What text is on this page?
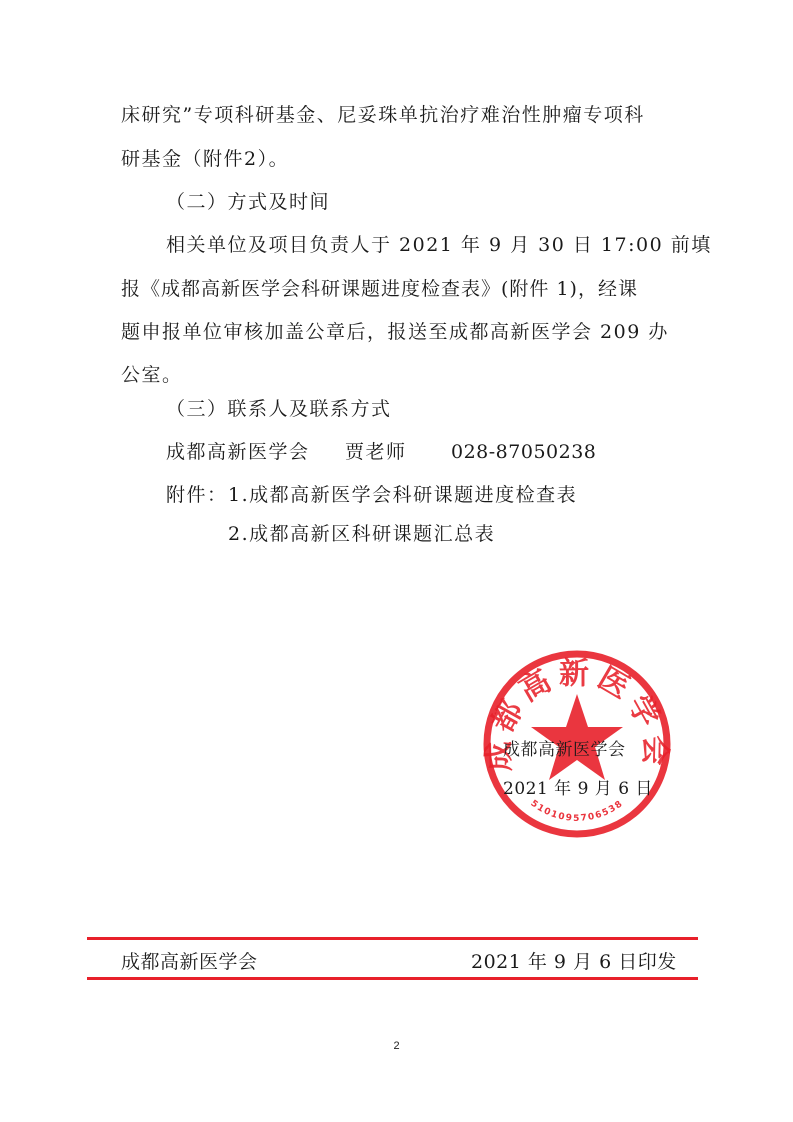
床研究”专项科研基金、尼妥珠单抗治疗难治性肿瘤专项科
研基金（附件2）。
（二）方式及时间
相关单位及项目负责人于 2021 年 9 月 30 日 17:00 前填
报《成都高新医学会科研课题进度检查表》(附件 1)，经课
题申报单位审核加盖公章后，报送至成都高新医学会 209 办
公室。
（三）联系人及联系方式
成都高新医学会 贾老师 028-87050238
附件： 1.成都高新医学会科研课题进度检查表
2.成都高新区科研课题汇总表
成都高新医学会
5101095706538
成都高新医学会
2021 年 9 月 6 日
成都高新医学会	2021 年 9 月 6 日印发
2
